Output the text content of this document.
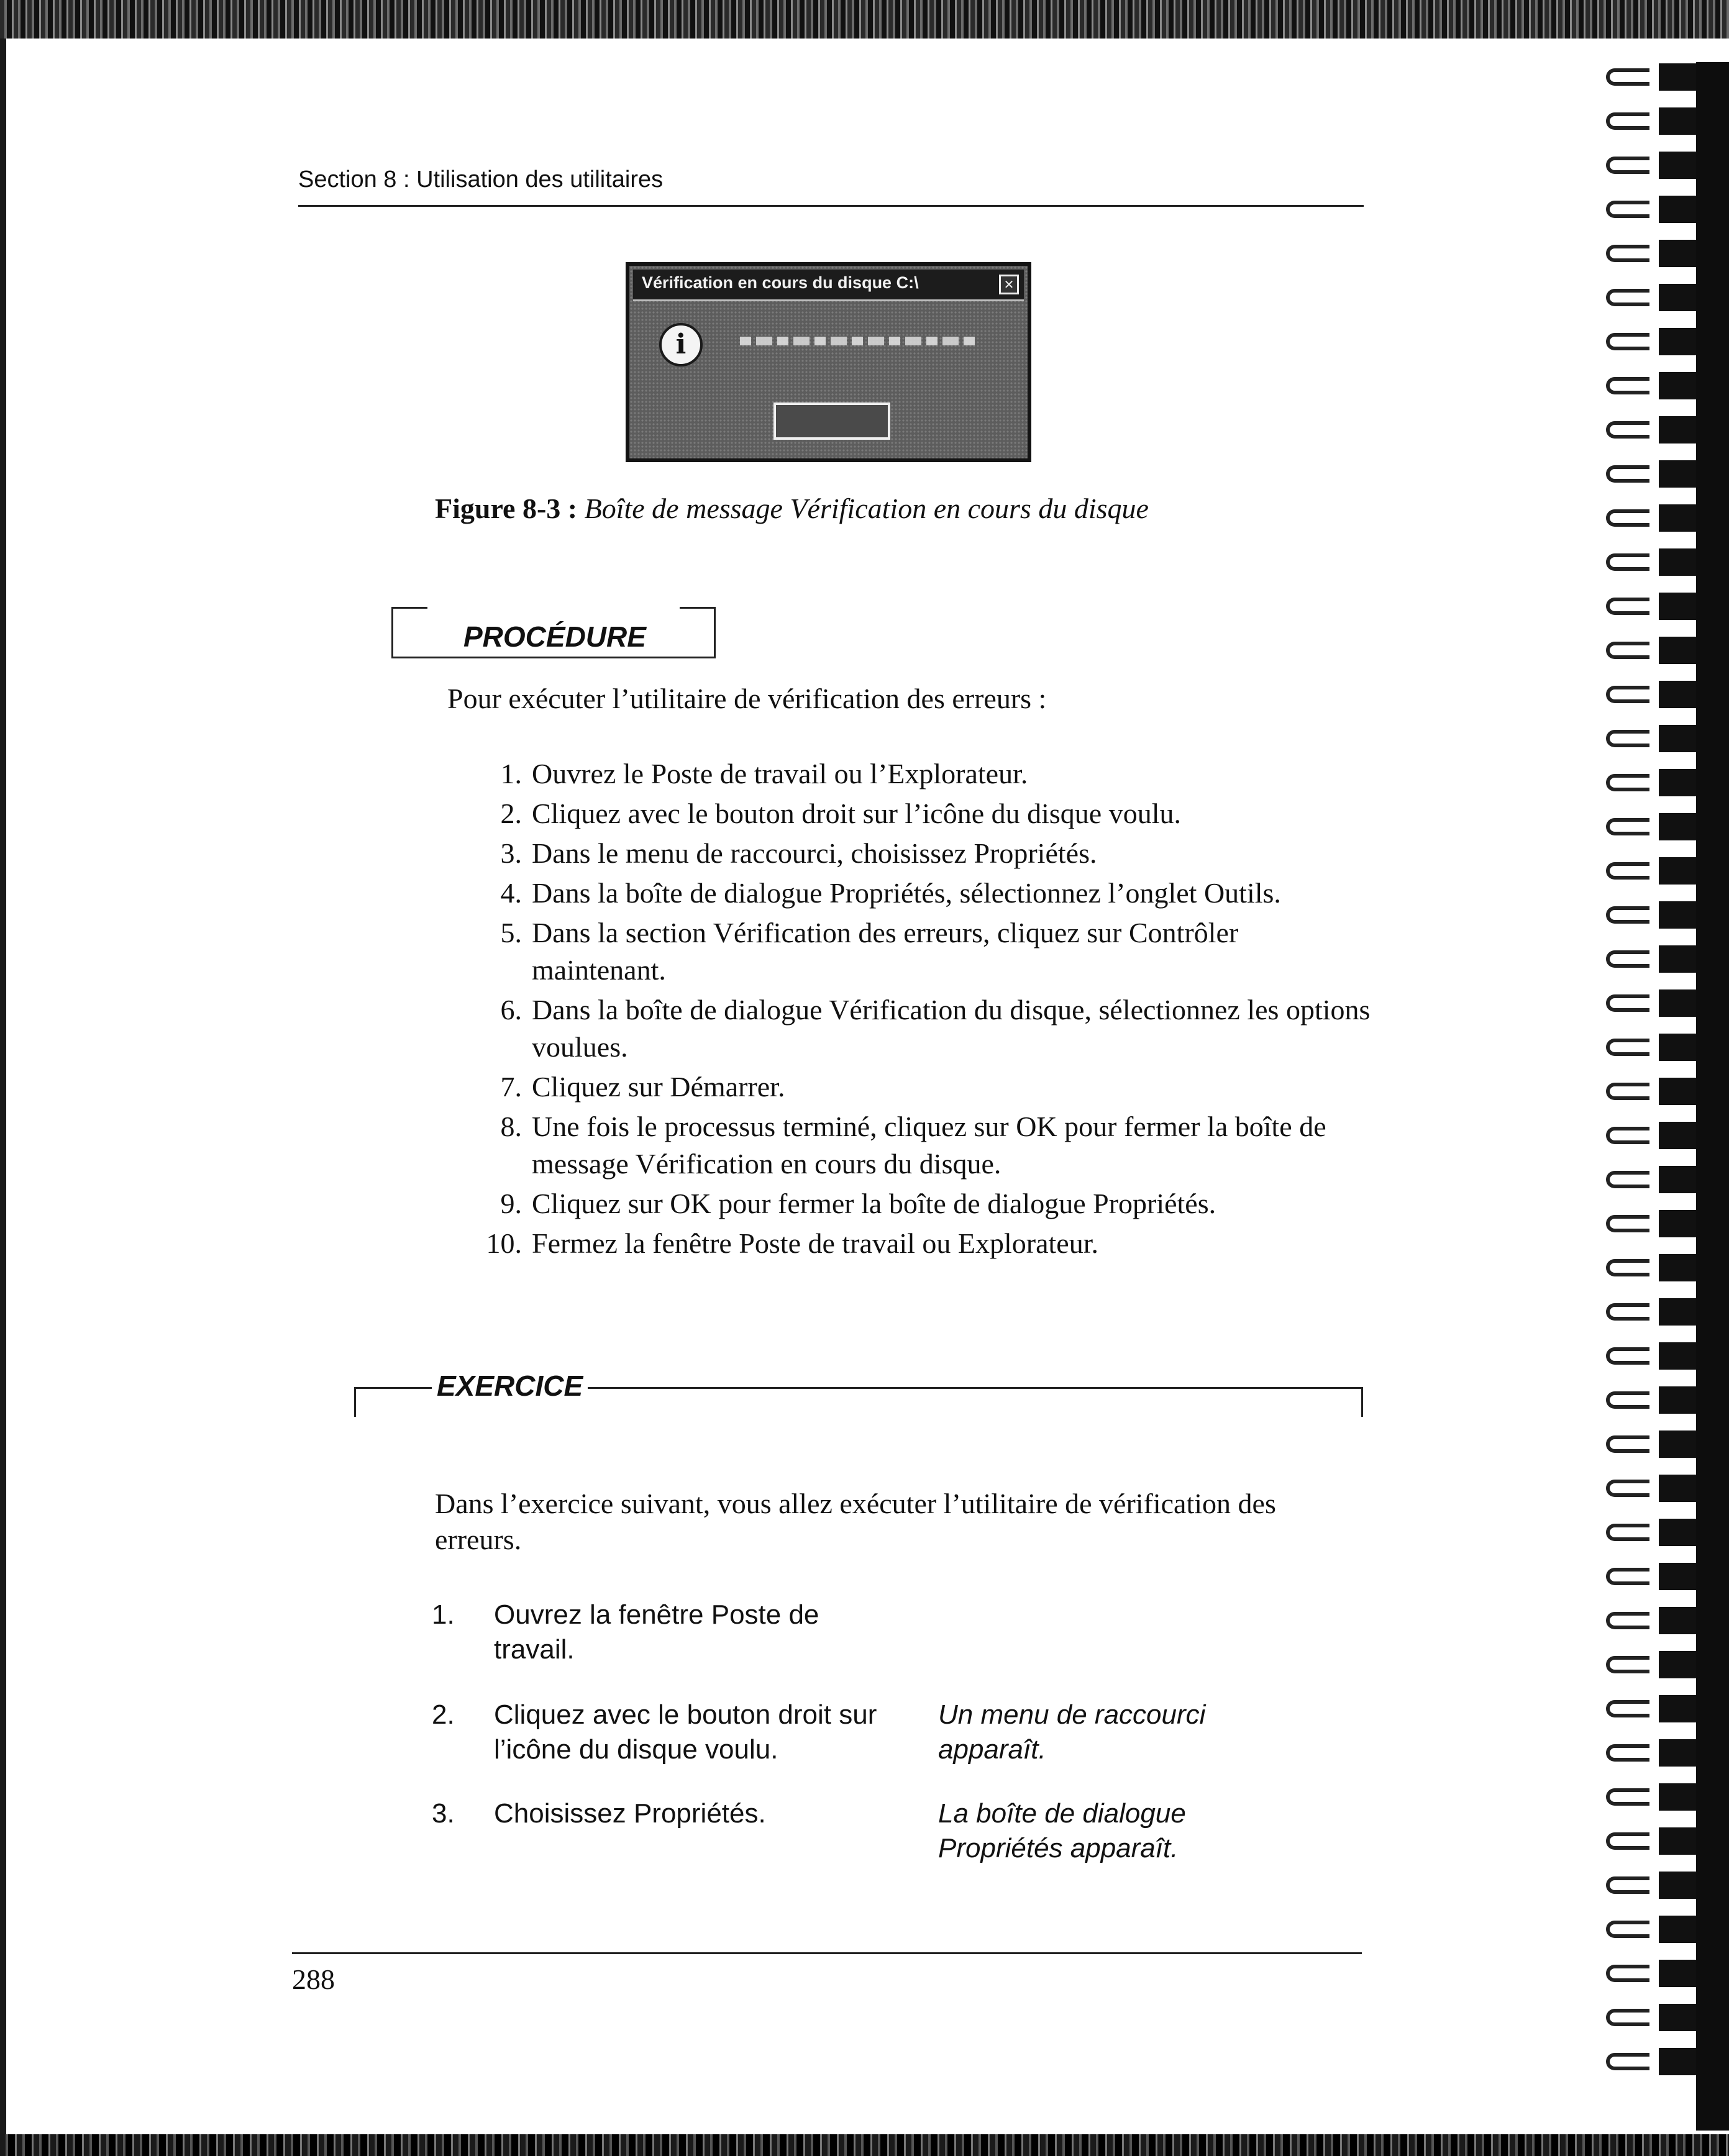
Section 8 : Utilisation des utilitaires
Vérification en cours du disque C:\	✕
i
Figure 8-3 : Boîte de message Vérification en cours du disque
PROCÉDURE
Pour exécuter l’utilitaire de vérification des erreurs :
1. Ouvrez le Poste de travail ou l’Explorateur.
2. Cliquez avec le bouton droit sur l’icône du disque voulu.
3. Dans le menu de raccourci, choisissez Propriétés.
4. Dans la boîte de dialogue Propriétés, sélectionnez l’onglet Outils.
5. Dans la section Vérification des erreurs, cliquez sur Contrôler maintenant.
6. Dans la boîte de dialogue Vérification du disque, sélectionnez les options voulues.
7. Cliquez sur Démarrer.
8. Une fois le processus terminé, cliquez sur OK pour fermer la boîte de message Vérification en cours du disque.
9. Cliquez sur OK pour fermer la boîte de dialogue Propriétés.
10. Fermez la fenêtre Poste de travail ou Explorateur.
EXERCICE
Dans l’exercice suivant, vous allez exécuter l’utilitaire de vérification des erreurs.
1. Ouvrez la fenêtre Poste de travail.
2. Cliquez avec le bouton droit sur l’icône du disque voulu.
Un menu de raccourci apparaît.
3. Choisissez Propriétés.	La boîte de dialogue Propriétés apparaît.
288
